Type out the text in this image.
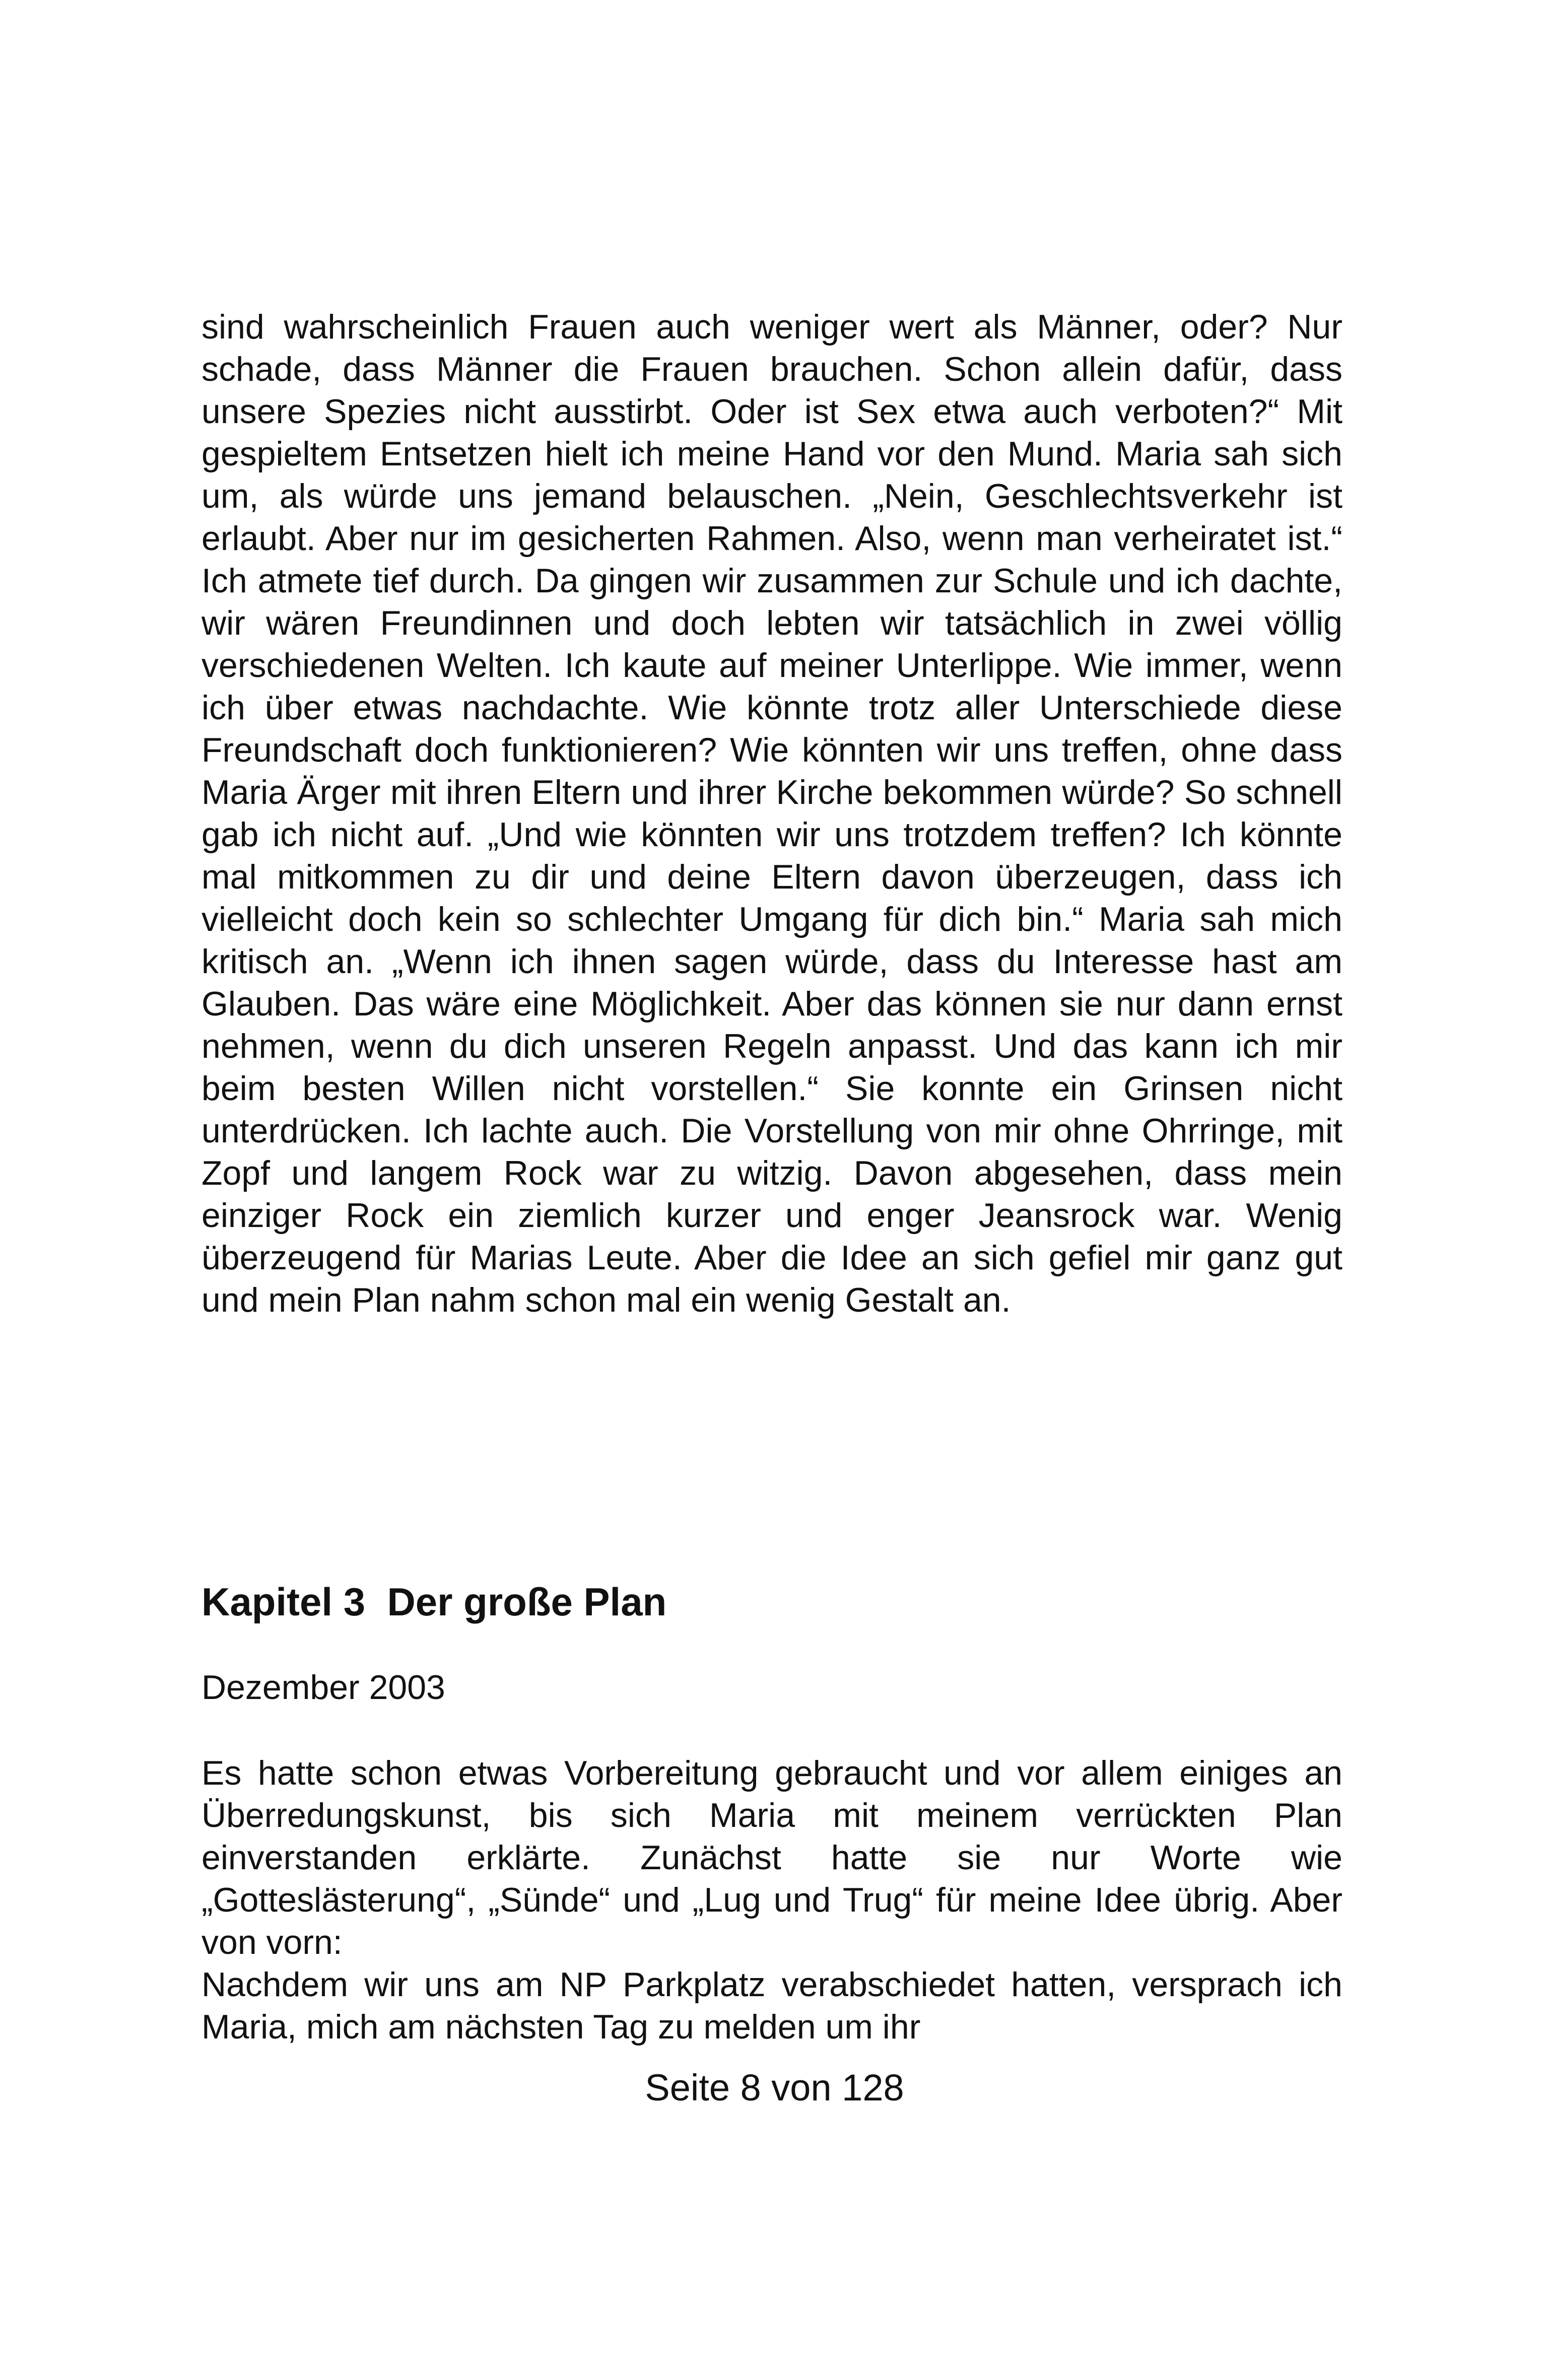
sind wahrscheinlich Frauen auch weniger wert als Männer, oder? Nur schade, dass Männer die Frauen brauchen. Schon allein dafür, dass unsere Spezies nicht ausstirbt. Oder ist Sex etwa auch verboten?“ Mit gespieltem Entsetzen hielt ich meine Hand vor den Mund. Maria sah sich um, als würde uns jemand belauschen. „Nein, Geschlechtsverkehr ist erlaubt. Aber nur im gesicherten Rahmen. Also, wenn man verheiratet ist.“ Ich atmete tief durch. Da gingen wir zusammen zur Schule und ich dachte, wir wären Freundinnen und doch lebten wir tatsächlich in zwei völlig verschiedenen Welten. Ich kaute auf meiner Unterlippe. Wie immer, wenn ich über etwas nachdachte. Wie könnte trotz aller Unterschiede diese Freundschaft doch funktionieren? Wie könnten wir uns treffen, ohne dass Maria Ärger mit ihren Eltern und ihrer Kirche bekommen würde? So schnell gab ich nicht auf. „Und wie könnten wir uns trotzdem treffen? Ich könnte mal mitkommen zu dir und deine Eltern davon überzeugen, dass ich vielleicht doch kein so schlechter Umgang für dich bin.“ Maria sah mich kritisch an. „Wenn ich ihnen sagen würde, dass du Interesse hast am Glauben. Das wäre eine Möglichkeit. Aber das können sie nur dann ernst nehmen, wenn du dich unseren Regeln anpasst. Und das kann ich mir beim besten Willen nicht vorstellen.“ Sie konnte ein Grinsen nicht unterdrücken. Ich lachte auch. Die Vorstellung von mir ohne Ohrringe, mit Zopf und langem Rock war zu witzig. Davon abgesehen, dass mein einziger Rock ein ziemlich kurzer und enger Jeansrock war. Wenig überzeugend für Marias Leute. Aber die Idee an sich gefiel mir ganz gut und mein Plan nahm schon mal ein wenig Gestalt an.

Kapitel 3  Der große Plan

Dezember 2003

Es hatte schon etwas Vorbereitung gebraucht und vor allem einiges an Überredungskunst, bis sich Maria mit meinem verrückten Plan einverstanden erklärte. Zunächst hatte sie nur Worte wie „Gotteslästerung“, „Sünde“ und „Lug und Trug“ für meine Idee übrig. Aber von vorn:

Nachdem wir uns am NP Parkplatz verabschiedet hatten, versprach ich Maria, mich am nächsten Tag zu melden um ihr

Seite 8 von 128
